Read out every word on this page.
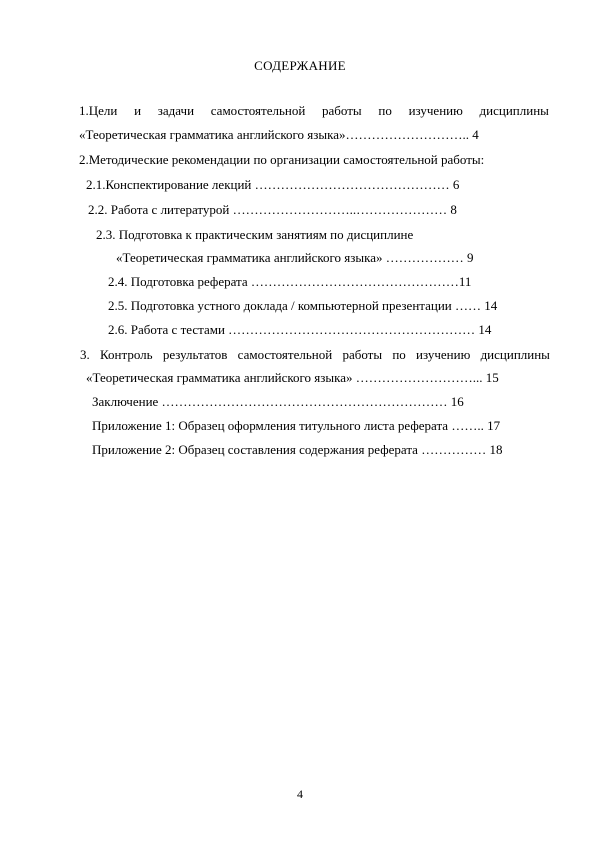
СОДЕРЖАНИЕ
1.Цели и задачи самостоятельной работы по изучению дисциплины
«Теоретическая грамматика английского языка»……………………….. 4
2.Методические рекомендации по организации самостоятельной работы:
2.1.Конспектирование лекций ……………………………………… 6
2.2. Работа с литературой ………………………..………………… 8
2.3. Подготовка к практическим занятиям по дисциплине
«Теоретическая грамматика английского языка» ……………… 9
2.4. Подготовка реферата …………………………………………11
2.5. Подготовка устного доклада / компьютерной презентации …… 14
2.6. Работа с тестами ………………………………………………… 14
3. Контроль результатов самостоятельной работы по изучению дисциплины
«Теоретическая грамматика английского языка» ………………………... 15
Заключение ………………………………………………………… 16
Приложение 1: Образец оформления титульного листа реферата …….. 17
Приложение 2: Образец составления содержания реферата …………… 18
4
